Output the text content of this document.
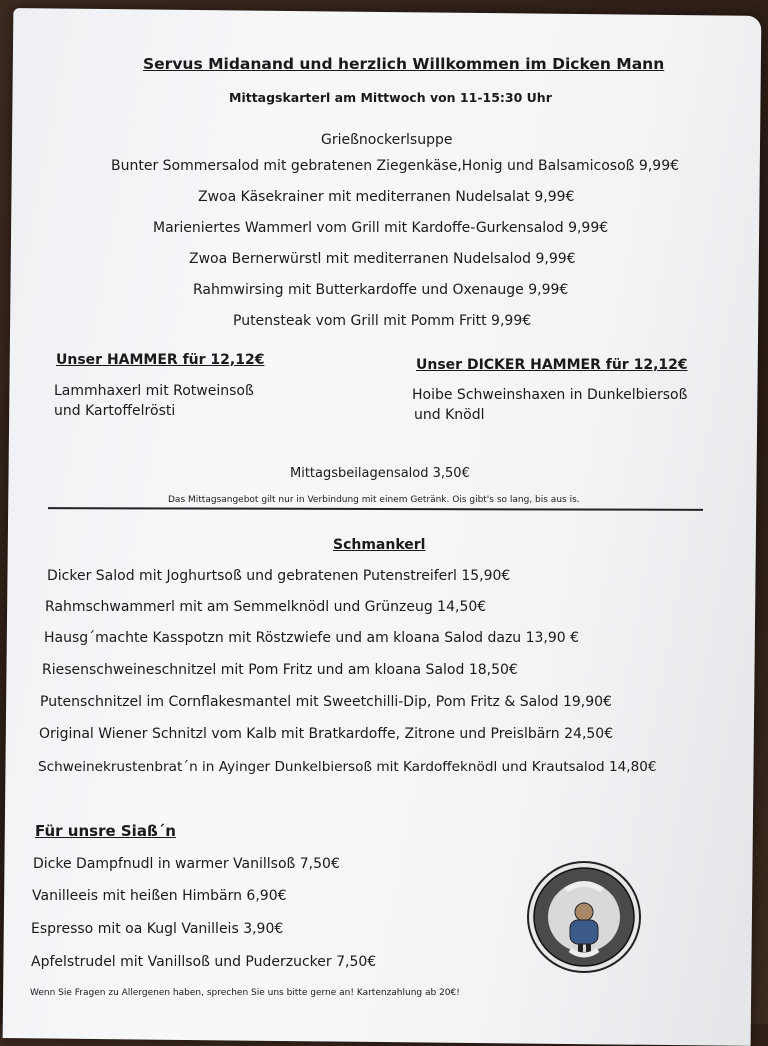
Servus Midanand und herzlich Willkommen im Dicken Mann
Mittagskarterl am Mittwoch von 11-15:30 Uhr
Grießnockerlsuppe
Bunter Sommersalod mit gebratenen Ziegenkäse,Honig und Balsamicosoß 9,99€
Zwoa Käsekrainer mit mediterranen Nudelsalat 9,99€
Marieniertes Wammerl vom Grill mit Kardoffe-Gurkensalod 9,99€
Zwoa Bernerwürstl mit mediterranen Nudelsalod 9,99€
Rahmwirsing mit Butterkardoffe und Oxenauge 9,99€
Putensteak vom Grill mit Pomm Fritt 9,99€
Unser HAMMER für 12,12€
Lammhaxerl mit Rotweinsoß
und Kartoffelrösti
Unser DICKER HAMMER für 12,12€
Hoibe Schweinshaxen in Dunkelbiersoß
und Knödl
Mittagsbeilagensalod 3,50€
Das Mittagsangebot gilt nur in Verbindung mit einem Getränk. Ois gibt's so lang, bis aus is.
Schmankerl
Dicker Salod mit Joghurtsoß und gebratenen Putenstreiferl 15,90€
Rahmschwammerl mit am Semmelknödl und Grünzeug 14,50€
Hausg´machte Kasspotzn mit Röstzwiefe und am kloana Salod dazu 13,90 €
Riesenschweineschnitzel mit Pom Fritz und am kloana Salod 18,50€
Putenschnitzel im Cornflakesmantel mit Sweetchilli-Dip, Pom Fritz & Salod 19,90€
Original Wiener Schnitzl vom Kalb mit Bratkardoffe, Zitrone und Preislbärn 24,50€
Schweinekrustenbrat´n in Ayinger Dunkelbiersoß mit Kardoffeknödl und Krautsalod 14,80€
Für unsre Siaß´n
Dicke Dampfnudl in warmer Vanillsoß 7,50€
Vanilleeis mit heißen Himbärn 6,90€
Espresso mit oa Kugl Vanilleis 3,90€
Apfelstrudel mit Vanillsoß und Puderzucker 7,50€
Wenn Sie Fragen zu Allergenen haben, sprechen Sie uns bitte gerne an! Kartenzahlung ab 20€!
